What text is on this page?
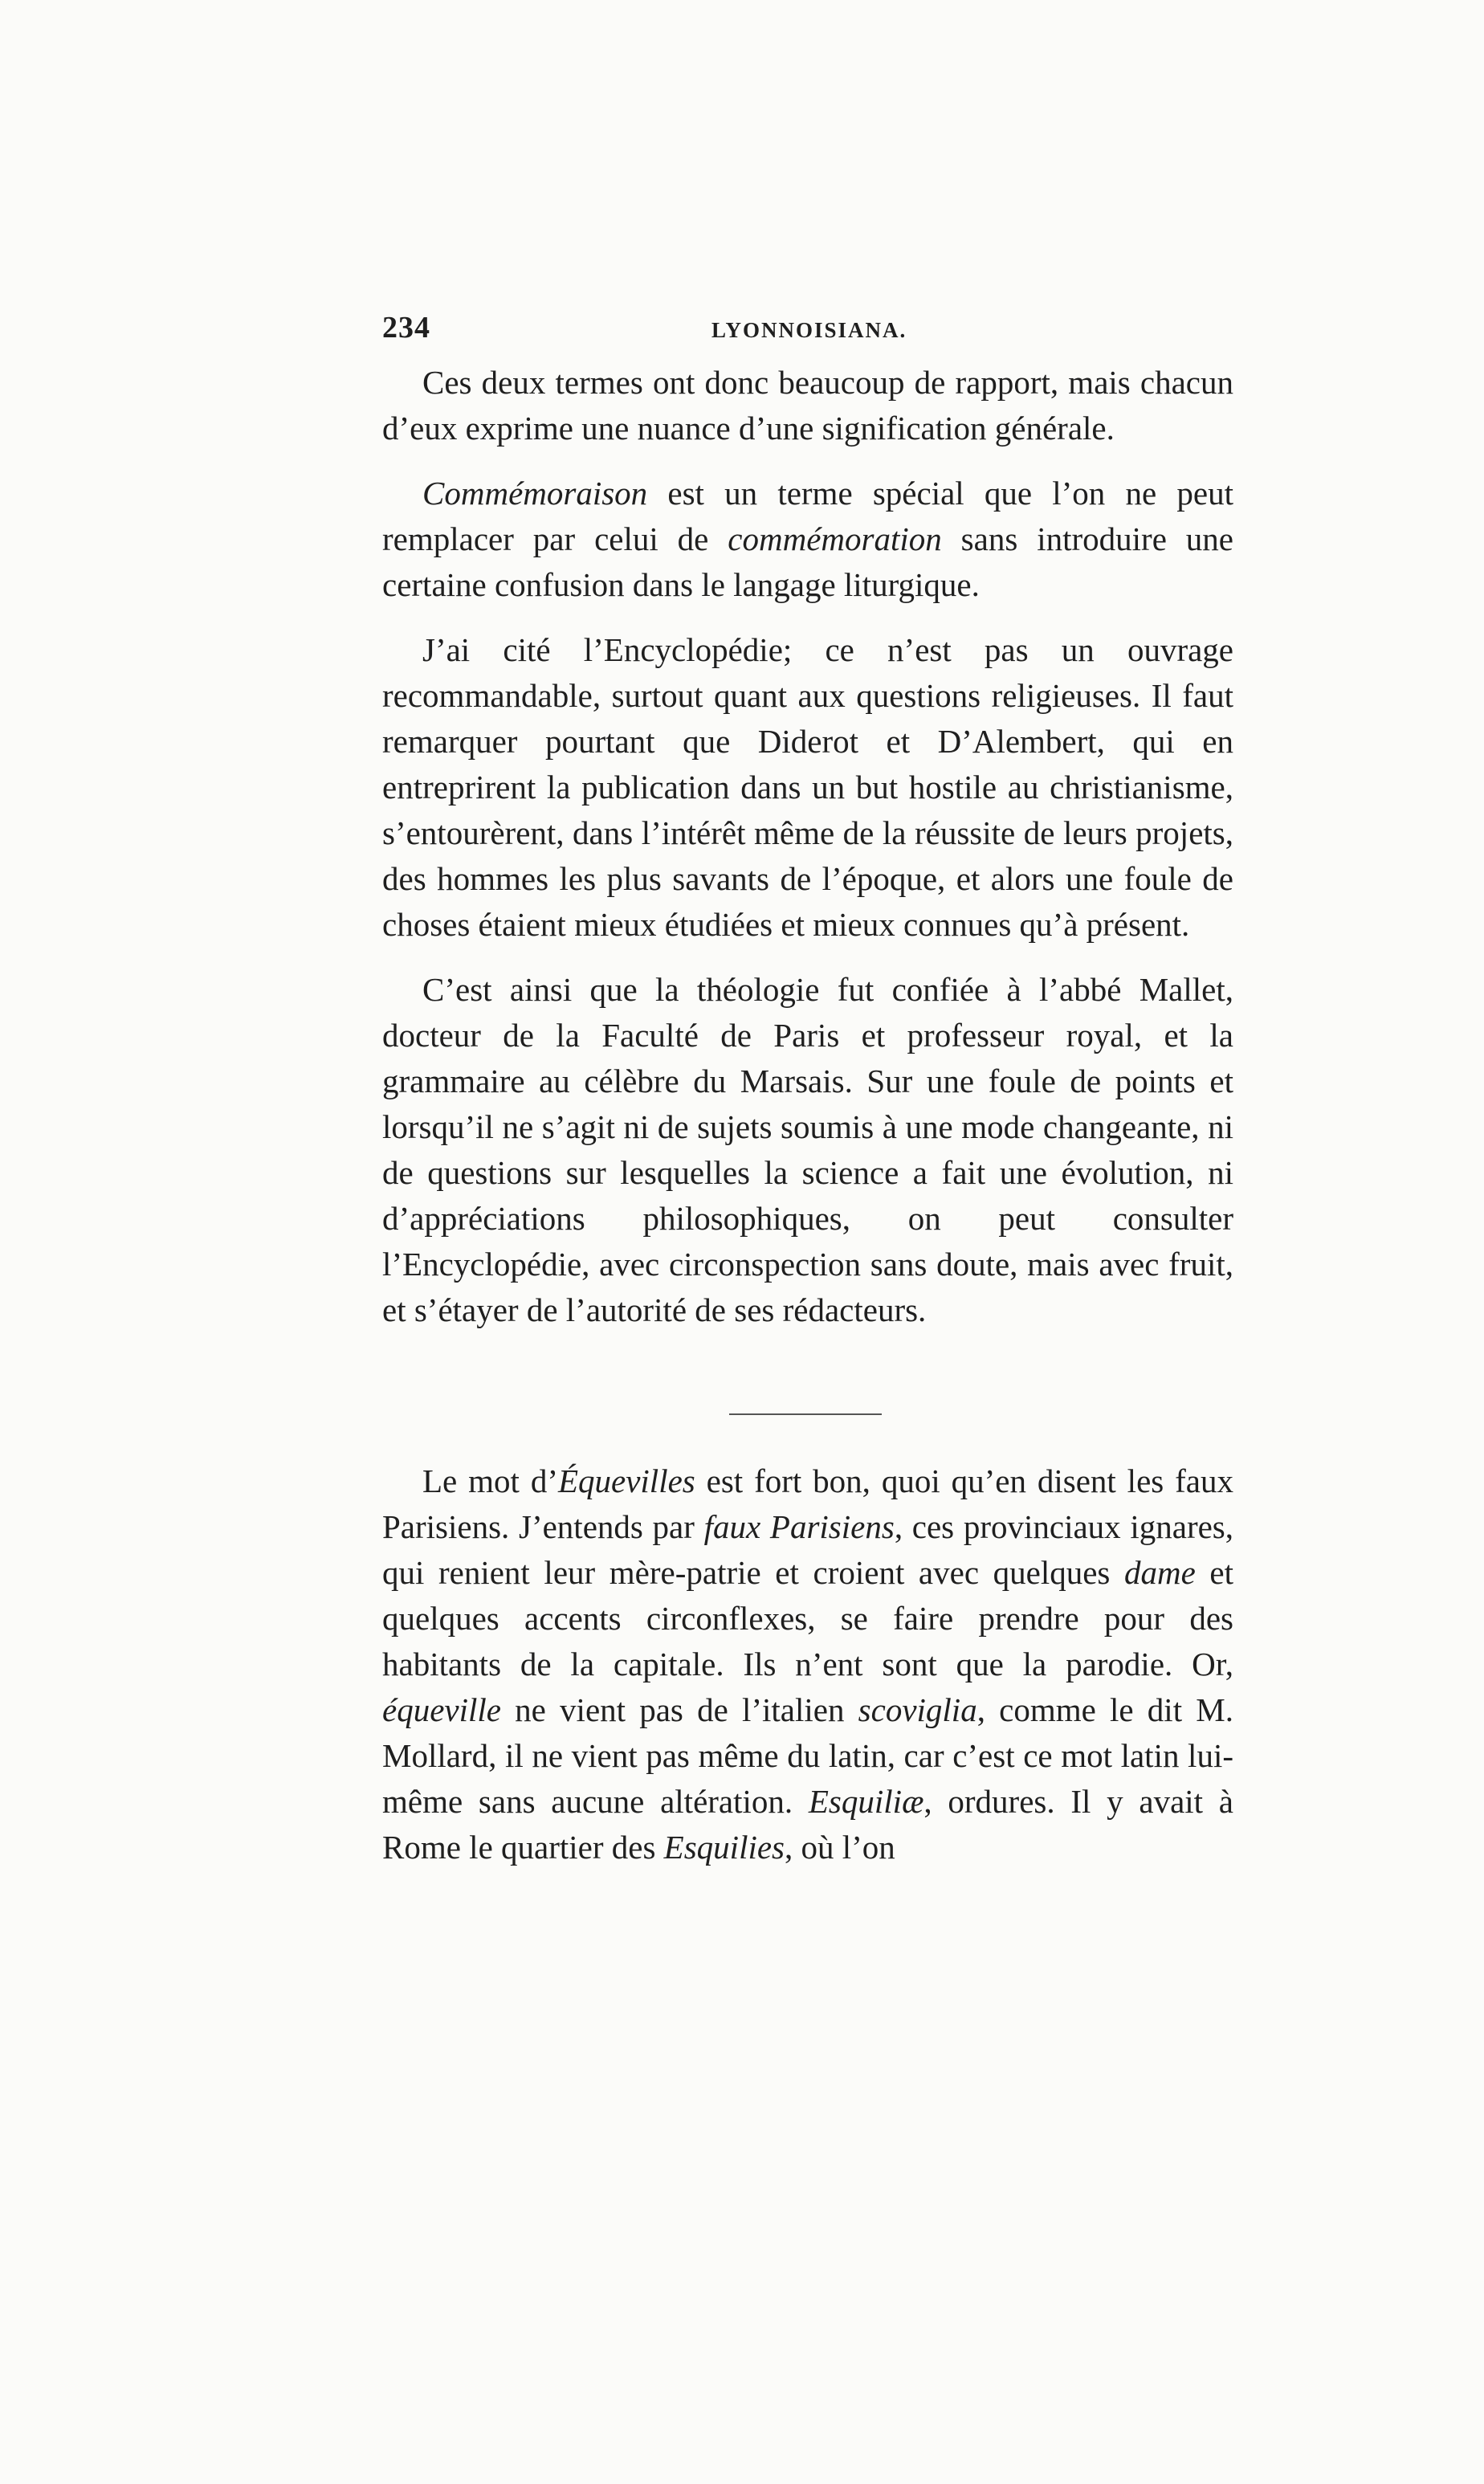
234	LYONNOISIANA.

Ces deux termes ont donc beaucoup de rapport, mais chacun d’eux exprime une nuance d’une signification générale.

Commémoraison est un terme spécial que l’on ne peut remplacer par celui de commémoration sans introduire une certaine confusion dans le langage liturgique.

J’ai cité l’Encyclopédie; ce n’est pas un ouvrage recommandable, surtout quant aux questions religieuses. Il faut remarquer pourtant que Diderot et D’Alembert, qui en entreprirent la publication dans un but hostile au christianisme, s’entourèrent, dans l’intérêt même de la réussite de leurs projets, des hommes les plus savants de l’époque, et alors une foule de choses étaient mieux étudiées et mieux connues qu’à présent.

C’est ainsi que la théologie fut confiée à l’abbé Mallet, docteur de la Faculté de Paris et professeur royal, et la grammaire au célèbre du Marsais. Sur une foule de points et lorsqu’il ne s’agit ni de sujets soumis à une mode changeante, ni de questions sur lesquelles la science a fait une évolution, ni d’appréciations philosophiques, on peut consulter l’Encyclopédie, avec circonspection sans doute, mais avec fruit, et s’étayer de l’autorité de ses rédacteurs.

Le mot d’Équevilles est fort bon, quoi qu’en disent les faux Parisiens. J’entends par faux Parisiens, ces provinciaux ignares, qui renient leur mère-patrie et croient avec quelques dame et quelques accents circonflexes, se faire prendre pour des habitants de la capitale. Ils n’ent sont que la parodie. Or, équeville ne vient pas de l’italien scoviglia, comme le dit M. Mollard, il ne vient pas même du latin, car c’est ce mot latin lui-même sans aucune altération. Esquiliæ, ordures. Il y avait à Rome le quartier des Esquilies, où l’on
